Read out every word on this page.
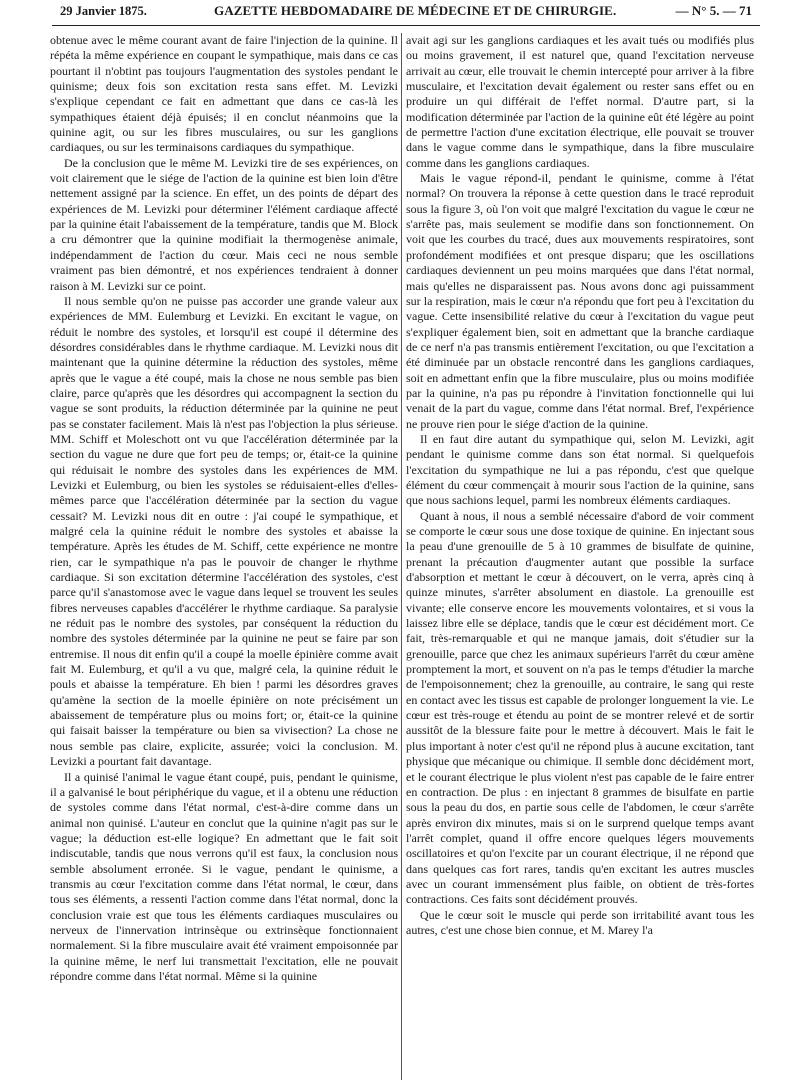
29 Janvier 1875.	GAZETTE HEBDOMADAIRE DE MÉDECINE ET DE CHIRURGIE.	— N° 5. — 71

obtenue avec le même courant avant de faire l'injection de la quinine. Il répéta la même expérience en coupant le sympathique, mais dans ce cas pourtant il n'obtint pas toujours l'augmentation des systoles pendant le quinisme; deux fois son excitation resta sans effet. M. Levizki s'explique cependant ce fait en admettant que dans ce cas-là les sympathiques étaient déjà épuisés; il en conclut néanmoins que la quinine agit, ou sur les fibres musculaires, ou sur les ganglions cardiaques, ou sur les terminaisons cardiaques du sympathique.

De la conclusion que le même M. Levizki tire de ses expériences, on voit clairement que le siége de l'action de la quinine est bien loin d'être nettement assigné par la science. En effet, un des points de départ des expériences de M. Levizki pour déterminer l'élément cardiaque affecté par la quinine était l'abaissement de la température, tandis que M. Block a cru démontrer que la quinine modifiait la thermogenèse animale, indépendamment de l'action du cœur. Mais ceci ne nous semble vraiment pas bien démontré, et nos expériences tendraient à donner raison à M. Levizki sur ce point.

Il nous semble qu'on ne puisse pas accorder une grande valeur aux expériences de MM. Eulemburg et Levizki. En excitant le vague, on réduit le nombre des systoles, et lorsqu'il est coupé il détermine des désordres considérables dans le rhythme cardiaque. M. Levizki nous dit maintenant que la quinine détermine la réduction des systoles, même après que le vague a été coupé, mais la chose ne nous semble pas bien claire, parce qu'après que les désordres qui accompagnent la section du vague se sont produits, la réduction déterminée par la quinine ne peut pas se constater facilement. Mais là n'est pas l'objection la plus sérieuse. MM. Schiff et Moleschott ont vu que l'accélération déterminée par la section du vague ne dure que fort peu de temps; or, était-ce la quinine qui réduisait le nombre des systoles dans les expériences de MM. Levizki et Eulemburg, ou bien les systoles se réduisaient-elles d'elles-mêmes parce que l'accélération déterminée par la section du vague cessait? M. Levizki nous dit en outre : j'ai coupé le sympathique, et malgré cela la quinine réduit le nombre des systoles et abaisse la température. Après les études de M. Schiff, cette expérience ne montre rien, car le sympathique n'a pas le pouvoir de changer le rhythme cardiaque. Si son excitation détermine l'accélération des systoles, c'est parce qu'il s'anastomose avec le vague dans lequel se trouvent les seules fibres nerveuses capables d'accélérer le rhythme cardiaque. Sa paralysie ne réduit pas le nombre des systoles, par conséquent la réduction du nombre des systoles déterminée par la quinine ne peut se faire par son entremise. Il nous dit enfin qu'il a coupé la moelle épinière comme avait fait M. Eulemburg, et qu'il a vu que, malgré cela, la quinine réduit le pouls et abaisse la température. Eh bien ! parmi les désordres graves qu'amène la section de la moelle épinière on note précisément un abaissement de température plus ou moins fort; or, était-ce la quinine qui faisait baisser la température ou bien sa vivisection? La chose ne nous semble pas claire, explicite, assurée; voici la conclusion. M. Levizki a pourtant fait davantage.

Il a quinisé l'animal le vague étant coupé, puis, pendant le quinisme, il a galvanisé le bout périphérique du vague, et il a obtenu une réduction de systoles comme dans l'état normal, c'est-à-dire comme dans un animal non quinisé. L'auteur en conclut que la quinine n'agit pas sur le vague; la déduction est-elle logique? En admettant que le fait soit indiscutable, tandis que nous verrons qu'il est faux, la conclusion nous semble absolument erronée. Si le vague, pendant le quinisme, a transmis au cœur l'excitation comme dans l'état normal, le cœur, dans tous ses éléments, a ressenti l'action comme dans l'état normal, donc la conclusion vraie est que tous les éléments cardiaques musculaires ou nerveux de l'innervation intrinsèque ou extrinsèque fonctionnaient normalement. Si la fibre musculaire avait été vraiment empoisonnée par la quinine même, le nerf lui transmettait l'excitation, elle ne pouvait répondre comme dans l'état normal. Même si la quinine

avait agi sur les ganglions cardiaques et les avait tués ou modifiés plus ou moins gravement, il est naturel que, quand l'excitation nerveuse arrivait au cœur, elle trouvait le chemin intercepté pour arriver à la fibre musculaire, et l'excitation devait également ou rester sans effet ou en produire un qui différait de l'effet normal. D'autre part, si la modification déterminée par l'action de la quinine eût été légère au point de permettre l'action d'une excitation électrique, elle pouvait se trouver dans le vague comme dans le sympathique, dans la fibre musculaire comme dans les ganglions cardiaques.

Mais le vague répond-il, pendant le quinisme, comme à l'état normal? On trouvera la réponse à cette question dans le tracé reproduit sous la figure 3, où l'on voit que malgré l'excitation du vague le cœur ne s'arrête pas, mais seulement se modifie dans son fonctionnement. On voit que les courbes du tracé, dues aux mouvements respiratoires, sont profondément modifiées et ont presque disparu; que les oscillations cardiaques deviennent un peu moins marquées que dans l'état normal, mais qu'elles ne disparaissent pas. Nous avons donc agi puissamment sur la respiration, mais le cœur n'a répondu que fort peu à l'excitation du vague. Cette insensibilité relative du cœur à l'excitation du vague peut s'expliquer également bien, soit en admettant que la branche cardiaque de ce nerf n'a pas transmis entièrement l'excitation, ou que l'excitation a été diminuée par un obstacle rencontré dans les ganglions cardiaques, soit en admettant enfin que la fibre musculaire, plus ou moins modifiée par la quinine, n'a pas pu répondre à l'invitation fonctionnelle qui lui venait de la part du vague, comme dans l'état normal. Bref, l'expérience ne prouve rien pour le siége d'action de la quinine.

Il en faut dire autant du sympathique qui, selon M. Levizki, agit pendant le quinisme comme dans son état normal. Si quelquefois l'excitation du sympathique ne lui a pas répondu, c'est que quelque élément du cœur commençait à mourir sous l'action de la quinine, sans que nous sachions lequel, parmi les nombreux éléments cardiaques.

Quant à nous, il nous a semblé nécessaire d'abord de voir comment se comporte le cœur sous une dose toxique de quinine. En injectant sous la peau d'une grenouille de 5 à 10 grammes de bisulfate de quinine, prenant la précaution d'augmenter autant que possible la surface d'absorption et mettant le cœur à découvert, on le verra, après cinq à quinze minutes, s'arrêter absolument en diastole. La grenouille est vivante; elle conserve encore les mouvements volontaires, et si vous la laissez libre elle se déplace, tandis que le cœur est décidément mort. Ce fait, très-remarquable et qui ne manque jamais, doit s'étudier sur la grenouille, parce que chez les animaux supérieurs l'arrêt du cœur amène promptement la mort, et souvent on n'a pas le temps d'étudier la marche de l'empoisonnement; chez la grenouille, au contraire, le sang qui reste en contact avec les tissus est capable de prolonger longuement la vie. Le cœur est très-rouge et étendu au point de se montrer relevé et de sortir aussitôt de la blessure faite pour le mettre à découvert. Mais le fait le plus important à noter c'est qu'il ne répond plus à aucune excitation, tant physique que mécanique ou chimique. Il semble donc décidément mort, et le courant électrique le plus violent n'est pas capable de le faire entrer en contraction. De plus : en injectant 8 grammes de bisulfate en partie sous la peau du dos, en partie sous celle de l'abdomen, le cœur s'arrête après environ dix minutes, mais si on le surprend quelque temps avant l'arrêt complet, quand il offre encore quelques légers mouvements oscillatoires et qu'on l'excite par un courant électrique, il ne répond que dans quelques cas fort rares, tandis qu'en excitant les autres muscles avec un courant immensément plus faible, on obtient de très-fortes contractions. Ces faits sont décidément prouvés.

Que le cœur soit le muscle qui perde son irritabilité avant tous les autres, c'est une chose bien connue, et M. Marey l'a
